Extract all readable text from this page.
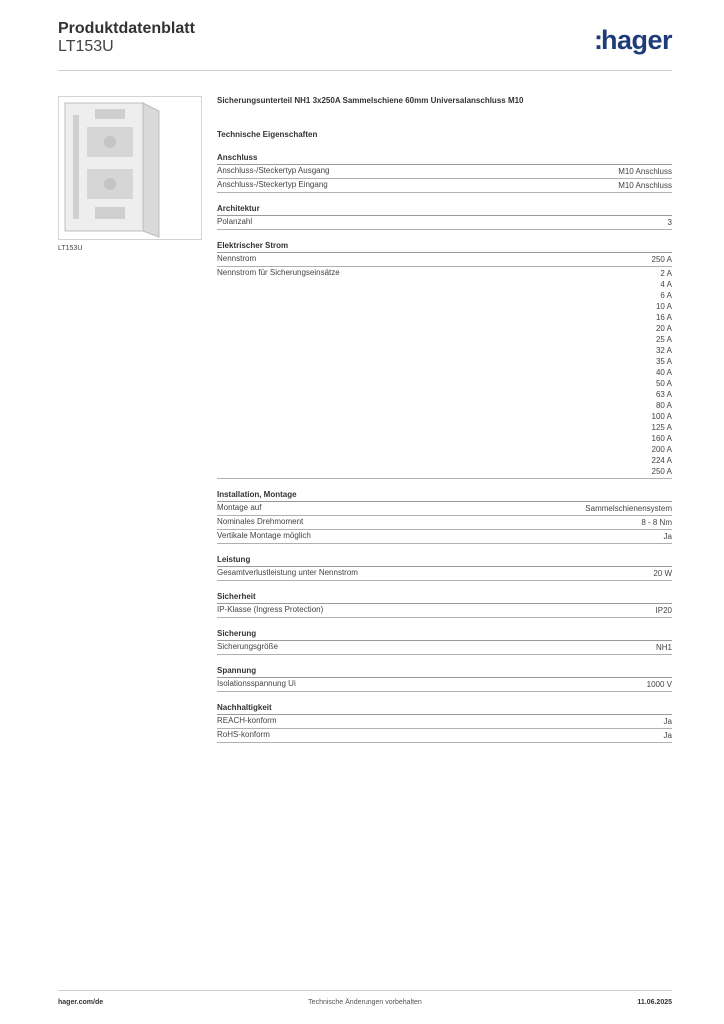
Produktdatenblatt
LT153U	:hager
LT153U
Sicherungsunterteil NH1 3x250A Sammelschiene 60mm Universalanschluss M10
Technische Eigenschaften
Anschluss
Anschluss-/Steckertyp Ausgang	M10 Anschluss
Anschluss-/Steckertyp Eingang	M10 Anschluss
Architektur
Polanzahl	3
Elektrischer Strom
Nennstrom	250 A
Nennstrom für Sicherungseinsätze	2 A
4 A
6 A
10 A
16 A
20 A
25 A
32 A
35 A
40 A
50 A
63 A
80 A
100 A
125 A
160 A
200 A
224 A
250 A
Installation, Montage
Montage auf	Sammelschienensystem
Nominales Drehmoment	8 - 8 Nm
Vertikale Montage möglich	Ja
Leistung
Gesamtverlustleistung unter Nennstrom	20 W
Sicherheit
IP-Klasse (Ingress Protection)	IP20
Sicherung
Sicherungsgröße	NH1
Spannung
Isolationsspannung Ui	1000 V
Nachhaltigkeit
REACH-konform	Ja
RoHS-konform	Ja
hager.com/de	Technische Änderungen vorbehalten	11.06.2025
